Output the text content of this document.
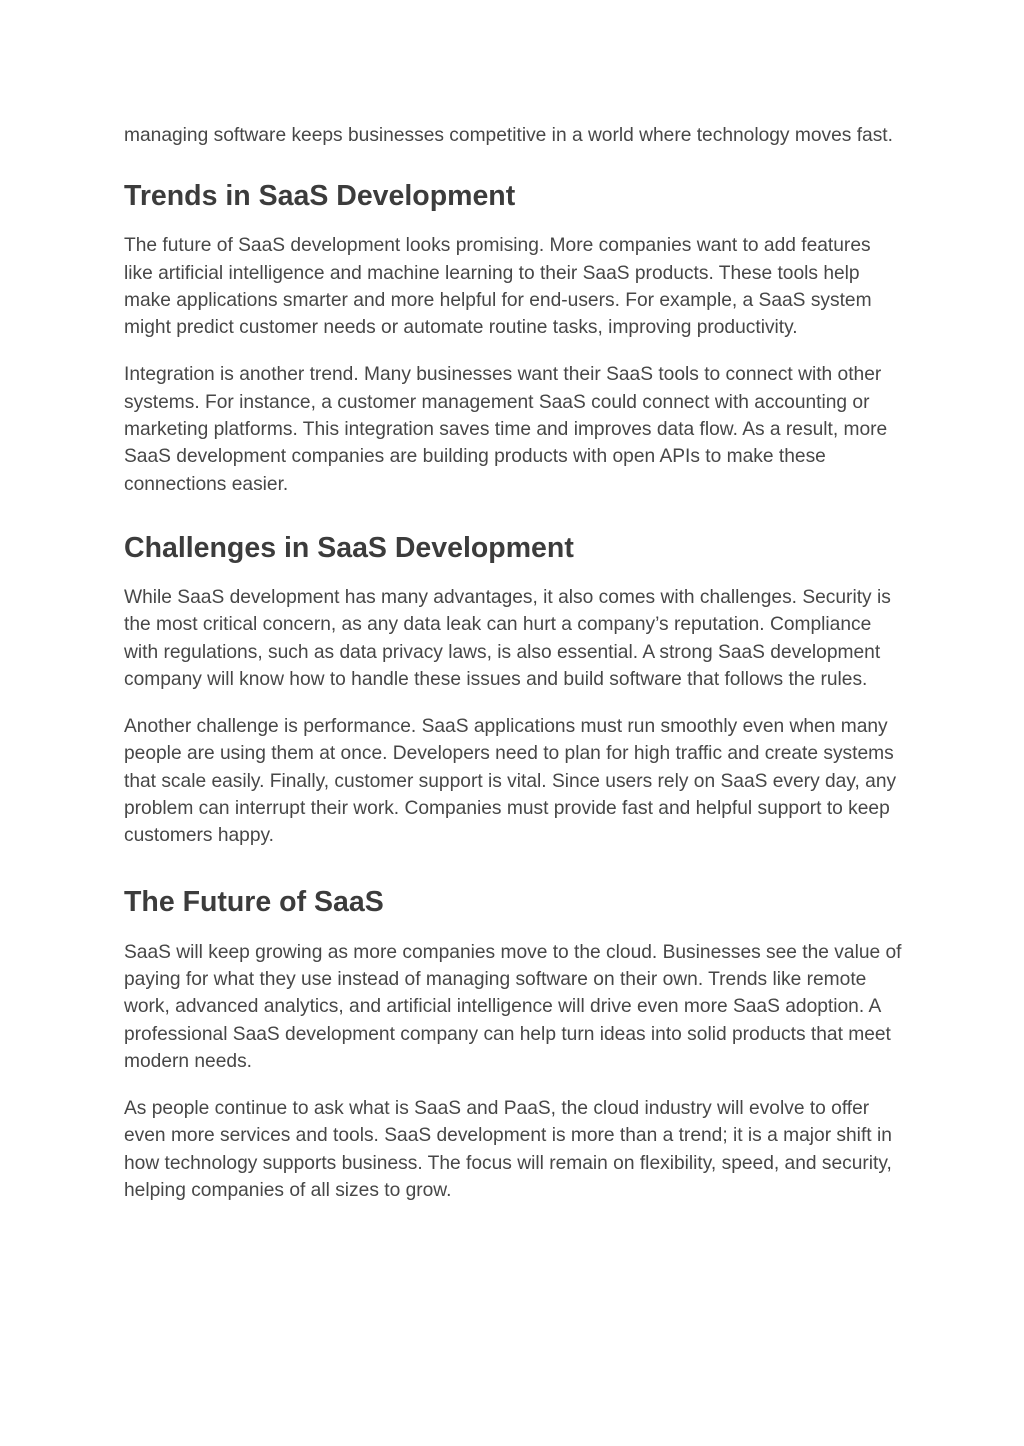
managing software keeps businesses competitive in a world where technology moves fast.

Trends in SaaS Development

The future of SaaS development looks promising. More companies want to add features like artificial intelligence and machine learning to their SaaS products. These tools help make applications smarter and more helpful for end-users. For example, a SaaS system might predict customer needs or automate routine tasks, improving productivity.

Integration is another trend. Many businesses want their SaaS tools to connect with other systems. For instance, a customer management SaaS could connect with accounting or marketing platforms. This integration saves time and improves data flow. As a result, more SaaS development companies are building products with open APIs to make these connections easier.

Challenges in SaaS Development

While SaaS development has many advantages, it also comes with challenges. Security is the most critical concern, as any data leak can hurt a company’s reputation. Compliance with regulations, such as data privacy laws, is also essential. A strong SaaS development company will know how to handle these issues and build software that follows the rules.

Another challenge is performance. SaaS applications must run smoothly even when many people are using them at once. Developers need to plan for high traffic and create systems that scale easily. Finally, customer support is vital. Since users rely on SaaS every day, any problem can interrupt their work. Companies must provide fast and helpful support to keep customers happy.

The Future of SaaS

SaaS will keep growing as more companies move to the cloud. Businesses see the value of paying for what they use instead of managing software on their own. Trends like remote work, advanced analytics, and artificial intelligence will drive even more SaaS adoption. A professional SaaS development company can help turn ideas into solid products that meet modern needs.

As people continue to ask what is SaaS and PaaS, the cloud industry will evolve to offer even more services and tools. SaaS development is more than a trend; it is a major shift in how technology supports business. The focus will remain on flexibility, speed, and security, helping companies of all sizes to grow.
